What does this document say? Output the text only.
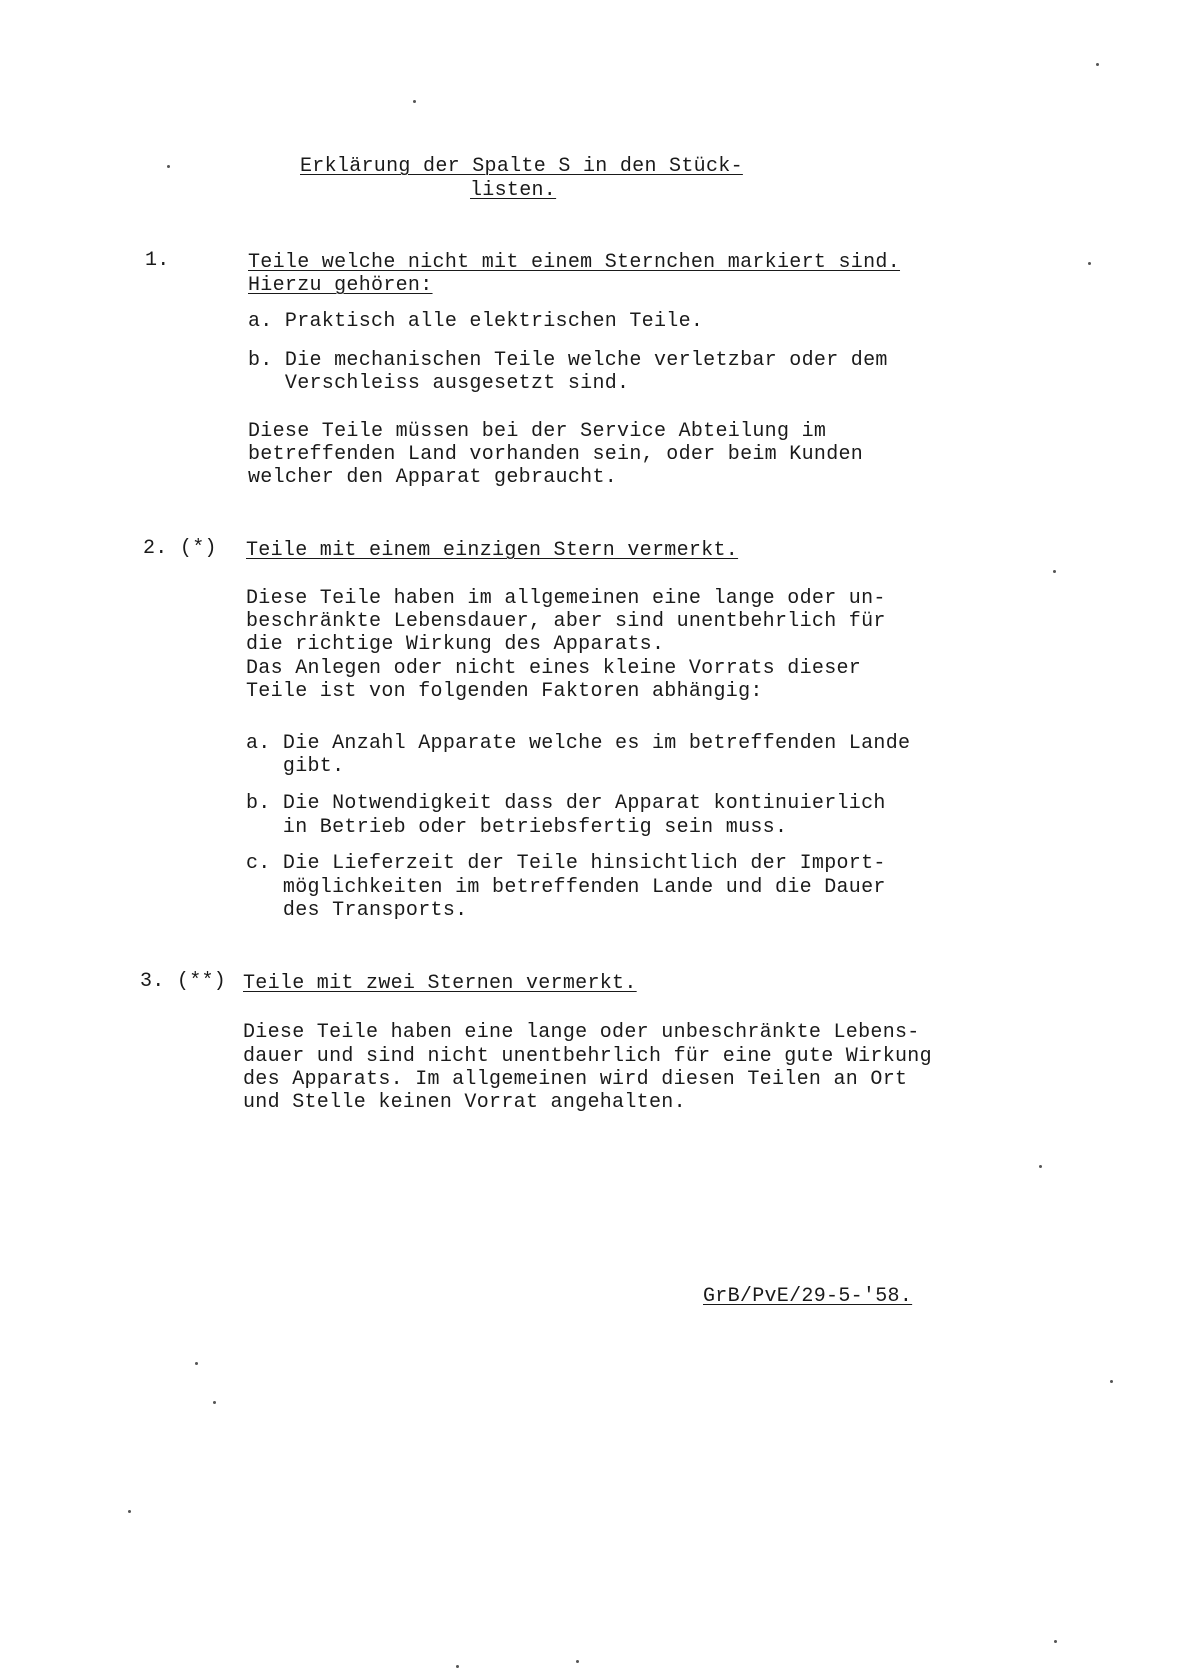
Erklärung der Spalte S in den Stück-
listen.
1.	Teile welche nicht mit einem Sternchen markiert sind.
Hierzu gehören:
a. Praktisch alle elektrischen Teile.
b. Die mechanischen Teile welche verletzbar oder dem
Verschleiss ausgesetzt sind.
Diese Teile müssen bei der Service Abteilung im
betreffenden Land vorhanden sein, oder beim Kunden
welcher den Apparat gebraucht.
2. (*) Teile mit einem einzigen Stern vermerkt.
Diese Teile haben im allgemeinen eine lange oder un-
beschränkte Lebensdauer, aber sind unentbehrlich für
die richtige Wirkung des Apparats.
Das Anlegen oder nicht eines kleine Vorrats dieser
Teile ist von folgenden Faktoren abhängig:
a. Die Anzahl Apparate welche es im betreffenden Lande
gibt.
b. Die Notwendigkeit dass der Apparat kontinuierlich
in Betrieb oder betriebsfertig sein muss.
c. Die Lieferzeit der Teile hinsichtlich der Import-
möglichkeiten im betreffenden Lande und die Dauer
des Transports.
3. (**) Teile mit zwei Sternen vermerkt.
Diese Teile haben eine lange oder unbeschränkte Lebens-
dauer und sind nicht unentbehrlich für eine gute Wirkung
des Apparats. Im allgemeinen wird diesen Teilen an Ort
und Stelle keinen Vorrat angehalten.
GrB/PvE/29-5-'58.
